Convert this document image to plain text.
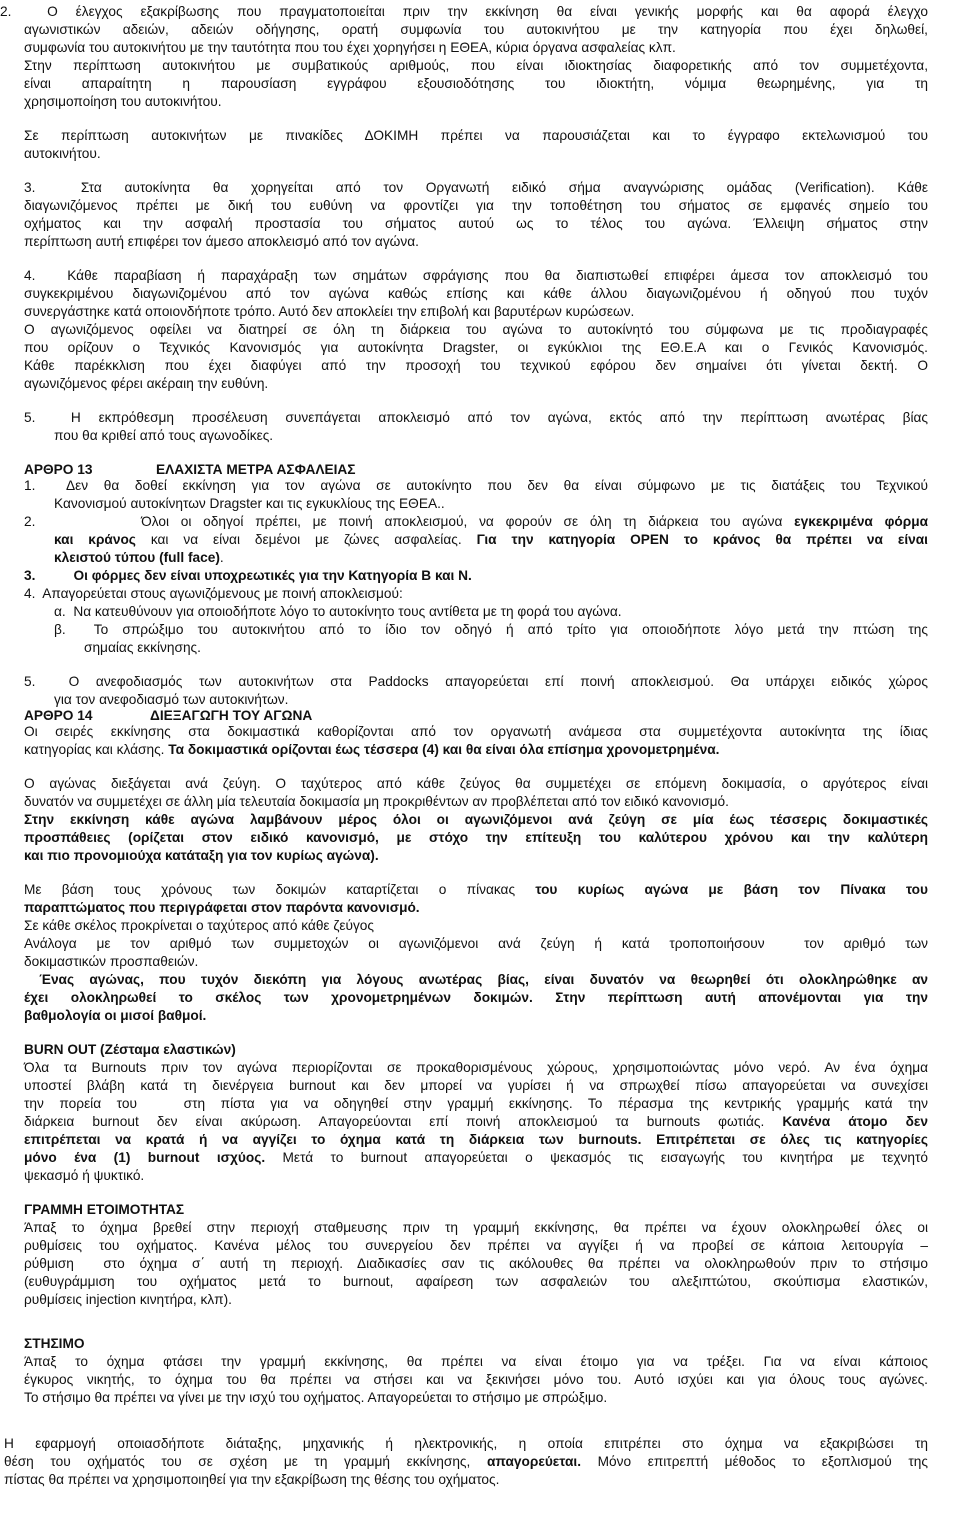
2.  Ο έλεγχος εξακρίβωσης που πραγματοποιείται πριν την εκκίνηση θα είναι γενικής μορφής και θα αφορά έλεγχο
αγωνιστικών αδειών, αδειών οδήγησης, ορατή συμφωνία του αυτοκινήτου με την κατηγορία που έχει δηλωθεί,
συμφωνία του αυτοκινήτου με την ταυτότητα που του έχει χορηγήσει η ΕΘΕΑ, κύρια όργανα ασφαλείας κλπ.
Στην περίπτωση αυτοκινήτου με συμβατικούς αριθμούς, που είναι ιδιοκτησίας διαφορετικής από τον συμμετέχοντα,
είναι απαραίτητη η παρουσίαση εγγράφου εξουσιοδότησης του ιδιοκτήτη, νόμιμα θεωρημένης, για τη
χρησιμοποίηση του αυτοκινήτου.
Σε περίπτωση αυτοκινήτων με πινακίδες ΔΟΚΙΜΗ πρέπει να παρουσιάζεται και το έγγραφο εκτελωνισμού του
αυτοκινήτου.
3.  Στα αυτοκίνητα θα χορηγείται από τον Οργανωτή ειδικό σήμα αναγνώρισης ομάδας (Verification). Κάθε
διαγωνιζόμενος πρέπει με δική του ευθύνη να φροντίζει για την τοποθέτηση του σήματος σε εμφανές σημείο του
οχήματος και την ασφαλή προστασία του σήματος αυτού ως το τέλος του αγώνα. Έλλειψη σήματος στην
περίπτωση αυτή επιφέρει τον άμεσο αποκλεισμό από τον αγώνα.
4.  Κάθε παραβίαση ή παραχάραξη των σημάτων σφράγισης που θα διαπιστωθεί επιφέρει άμεσα τον αποκλεισμό του
συγκεκριμένου διαγωνιζομένου από τον αγώνα καθώς επίσης και κάθε άλλου διαγωνιζομένου ή οδηγού που τυχόν
συνεργάστηκε κατά οποιονδήποτε τρόπο. Αυτό δεν αποκλείει την επιβολή και βαρυτέρων κυρώσεων.
Ο αγωνιζόμενος οφείλει να διατηρεί σε όλη τη διάρκεια του αγώνα το αυτοκίνητό του σύμφωνα με τις προδιαγραφές
που ορίζουν ο Τεχνικός Κανονισμός για αυτοκίνητα Dragster, οι εγκύκλιοι της ΕΘ.Ε.Α και ο Γενικός Κανονισμός.
Κάθε παρέκκλιση που έχει διαφύγει από την προσοχή του τεχνικού εφόρου δεν σημαίνει ότι γίνεται δεκτή. Ο
αγωνιζόμενος φέρει ακέραιη την ευθύνη.
5.  Η εκπρόθεσμη προσέλευση συνεπάγεται αποκλεισμό από τον αγώνα, εκτός από την περίπτωση ανωτέρας βίας
που θα κριθεί από τους αγωνοδίκες.
ΑΡΘΡΟ 13	ΕΛΑΧΙΣΤΑ ΜΕΤΡΑ ΑΣΦΑΛΕΙΑΣ
1.  Δεν θα δοθεί εκκίνηση για τον αγώνα σε αυτοκίνητο που δεν θα είναι σύμφωνο με τις διατάξεις του Τεχνικού
Κανονισμού αυτοκίνητων Dragster και τις εγκυκλίους της ΕΘΕΑ..
2.         Όλοι οι οδηγοί πρέπει, με ποινή αποκλεισμού, να φορούν σε όλη τη διάρκεια του αγώνα εγκεκριμένα φόρμα
και κράνος και να είναι δεμένοι με ζώνες ασφαλείας. Για την κατηγορία OPEN το κράνος θα πρέπει να είναι
κλειστού τύπου (full face).
3.          Οι φόρμες δεν είναι υποχρεωτικές για την Κατηγορία B και N.
4.  Απαγορεύεται στους αγωνιζόμενους με ποινή αποκλεισμού:
α.  Να κατευθύνουν για οποιοδήποτε λόγο το αυτοκίνητο τους αντίθετα με τη φορά του αγώνα.
β.  Το σπρώξιμο του αυτοκινήτου από το ίδιο τον οδηγό ή από τρίτο για οποιοδήποτε λόγο μετά την πτώση της
σημαίας εκκίνησης.
5.  Ο ανεφοδιασμός των αυτοκινήτων στα Paddocks απαγορεύεται επί ποινή αποκλεισμού. Θα υπάρχει ειδικός χώρος
για τον ανεφοδιασμό των αυτοκινήτων.
ΑΡΘΡΟ 14	ΔΙΕΞΑΓΩΓΗ ΤΟΥ ΑΓΩΝΑ
Οι σειρές εκκίνησης στα δοκιμαστικά καθορίζονται από τον οργανωτή ανάμεσα στα συμμετέχοντα αυτοκίνητα της ίδιας
κατηγορίας και κλάσης. Τα δοκιμαστικά ορίζονται έως τέσσερα (4) και θα είναι όλα επίσημα χρονομετρημένα.
Ο αγώνας διεξάγεται ανά ζεύγη. Ο ταχύτερος από κάθε ζεύγος θα συμμετέχει σε επόμενη δοκιμασία, ο αργότερος είναι
δυνατόν να συμμετέχει σε άλλη μία τελευταία δοκιμασία μη προκριθέντων αν προβλέπεται από τον ειδικό κανονισμό.
Στην εκκίνηση κάθε αγώνα λαμβάνουν μέρος όλοι οι αγωνιζόμενοι ανά ζεύγη σε μία έως τέσσερις δοκιμαστικές
προσπάθειες (ορίζεται στον ειδικό κανονισμό, με στόχο την επίτευξη του καλύτερου χρόνου και την καλύτερη
και πιο προνομιούχα κατάταξη για τον κυρίως αγώνα).
Με βάση τους χρόνους των δοκιμών καταρτίζεται ο πίνακας του κυρίως αγώνα με βάση τον Πίνακα του
παραπτώματος που περιγράφεται στον παρόντα κανονισμό.
Σε κάθε σκέλος προκρίνεται ο ταχύτερος από κάθε ζεύγος
Ανάλογα με τον αριθμό των συμμετοχών οι αγωνιζόμενοι ανά ζεύγη ή κατά τροποποιήσουν  τον αριθμό των
δοκιμαστικών προσπαθειών.
Ένας αγώνας, που τυχόν διεκόπη για λόγους ανωτέρας βίας, είναι δυνατόν να θεωρηθεί ότι ολοκληρώθηκε αν
έχει ολοκληρωθεί το σκέλος των χρονομετρημένων δοκιμών. Στην περίπτωση αυτή απονέμονται για την
βαθμολογία οι μισοί βαθμοί.
BURN OUT (Ζέσταμα ελαστικών)
Όλα τα Burnouts πριν τον αγώνα περιορίζονται σε προκαθορισμένους χώρους, χρησιμοποιώντας μόνο νερό. Αν ένα όχημα
υποστεί βλάβη κατά τη διενέργεια burnout και δεν μπορεί να γυρίσει ή να σπρωχθεί πίσω απαγορεύεται να συνεχίσει
την πορεία του   στη πίστα για να οδηγηθεί στην γραμμή εκκίνησης. Το πέρασμα της κεντρικής γραμμής κατά την
διάρκεια burnout δεν είναι ακύρωση. Απαγορεύονται επί ποινή αποκλεισμού τα burnouts φωτιάς. Κανένα άτομο δεν
επιτρέπεται να κρατά ή να αγγίζει το όχημα κατά τη διάρκεια των burnouts. Επιτρέπεται σε όλες τις κατηγορίες
μόνο ένα (1) burnout ισχύος. Μετά το burnout απαγορεύεται ο ψεκασμός τις εισαγωγής του κινητήρα με τεχνητό
ψεκασμό ή ψυκτικό.
ΓΡΑΜΜΗ ΕΤΟΙΜΟΤΗΤΑΣ
Άπαξ το όχημα βρεθεί στην περιοχή σταθμευσης πριν τη γραμμή εκκίνησης, θα πρέπει να έχουν ολοκληρωθεί όλες οι
ρυθμίσεις του οχήματος. Κανένα μέλος του συνεργείου δεν πρέπει να αγγίξει ή να προβεί σε κάποια λειτουργία –
ρύθμιση  στο όχημα σ΄ αυτή τη περιοχή. Διαδικασίες σαν τις ακόλουθες θα πρέπει να ολοκληρωθούν πριν το στήσιμο
(ευθυγράμμιση του οχήματος μετά το burnout, αφαίρεση των ασφαλειών του αλεξιπτώτου, σκούπισμα ελαστικών,
ρυθμίσεις injection κινητήρα, κλπ).
ΣΤΗΣΙΜΟ
Άπαξ το όχημα φτάσει την γραμμή εκκίνησης, θα πρέπει να είναι έτοιμο για να τρέξει. Για να είναι κάποιος
έγκυρος νικητής, το όχημα του θα πρέπει να στήσει και να ξεκινήσει μόνο του. Αυτό ισχύει και για όλους τους αγώνες.
Το στήσιμο θα πρέπει να γίνει με την ισχύ του οχήματος. Απαγορεύεται το στήσιμο με σπρώξιμο.
Η εφαρμογή οποιασδήποτε διάταξης, μηχανικής ή ηλεκτρονικής, η οποία επιτρέπει στο όχημα να εξακριβώσει τη
θέση του οχήματός του σε σχέση με τη γραμμή εκκίνησης, απαγορεύεται. Μόνο επιτρεπτή μέθοδος το εξοπλισμού της
πίστας θα πρέπει να χρησιμοποιηθεί για την εξακρίβωση της θέσης του οχήματος.
